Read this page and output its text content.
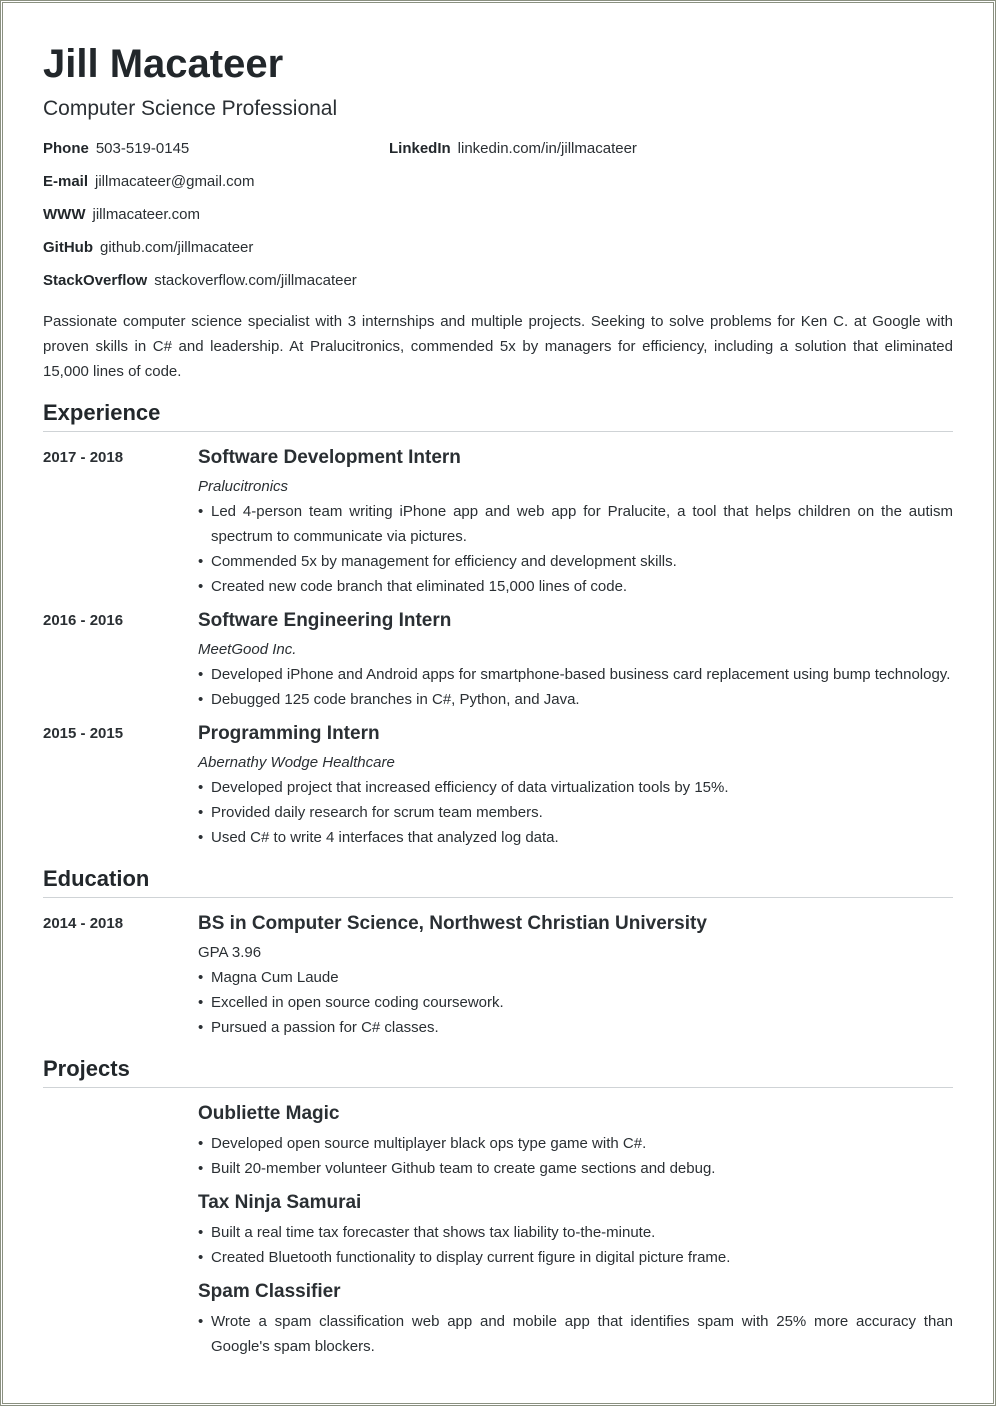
Jill Macateer
Computer Science Professional
Phone 503-519-0145	LinkedIn linkedin.com/in/jillmacateer
E-mail jillmacateer@gmail.com
WWW jillmacateer.com
GitHub github.com/jillmacateer
StackOverflow stackoverflow.com/jillmacateer

Passionate computer science specialist with 3 internships and multiple projects. Seeking to solve problems for Ken C. at Google with proven skills in C# and leadership. At Pralucitronics, commended 5x by managers for efficiency, including a solution that eliminated 15,000 lines of code.

Experience
2017 - 2018	Software Development Intern
Pralucitronics
• Led 4-person team writing iPhone app and web app for Pralucite, a tool that helps children on the autism spectrum to communicate via pictures.
• Commended 5x by management for efficiency and development skills.
• Created new code branch that eliminated 15,000 lines of code.
2016 - 2016	Software Engineering Intern
MeetGood Inc.
• Developed iPhone and Android apps for smartphone-based business card replacement using bump technology.
• Debugged 125 code branches in C#, Python, and Java.
2015 - 2015	Programming Intern
Abernathy Wodge Healthcare
• Developed project that increased efficiency of data virtualization tools by 15%.
• Provided daily research for scrum team members.
• Used C# to write 4 interfaces that analyzed log data.
Education
2014 - 2018	BS in Computer Science, Northwest Christian University
GPA 3.96
• Magna Cum Laude
• Excelled in open source coding coursework.
• Pursued a passion for C# classes.
Projects
Oubliette Magic
• Developed open source multiplayer black ops type game with C#.
• Built 20-member volunteer Github team to create game sections and debug.
Tax Ninja Samurai
• Built a real time tax forecaster that shows tax liability to-the-minute.
• Created Bluetooth functionality to display current figure in digital picture frame.
Spam Classifier
• Wrote a spam classification web app and mobile app that identifies spam with 25% more accuracy than Google's spam blockers.
